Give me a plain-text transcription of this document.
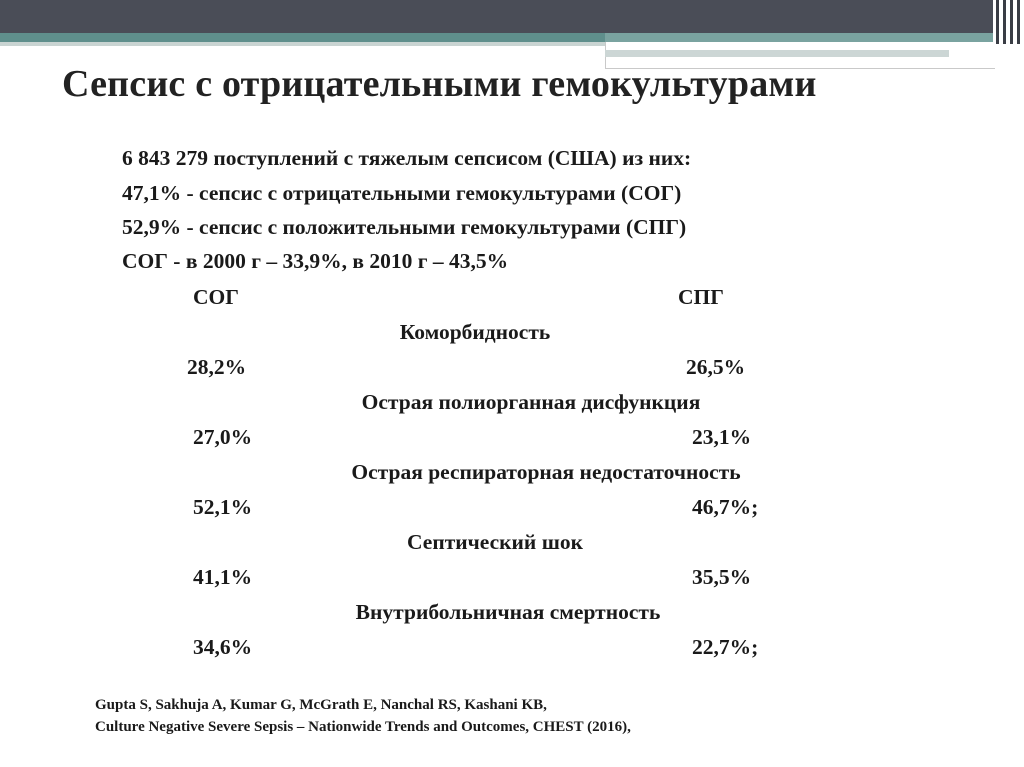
Сепсис с отрицательными гемокультурами
6 843 279 поступлений с тяжелым сепсисом (США) из них:
47,1% - сепсис с отрицательными гемокультурами (СОГ)
52,9% - сепсис с положительными гемокультурами (СПГ)
СОГ - в 2000 г – 33,9%, в 2010 г – 43,5%
СОГ	СПГ
Коморбидность
28,2%	26,5%
Острая полиорганная дисфункция
27,0%	23,1%
Острая респираторная недостаточность
52,1%	46,7%;
Септический шок
41,1%	35,5%
Внутрибольничная смертность
34,6%	22,7%;
Gupta S, Sakhuja A, Kumar G, McGrath E, Nanchal RS, Kashani KB,
Culture Negative Severe Sepsis – Nationwide Trends and Outcomes, CHEST (2016),
